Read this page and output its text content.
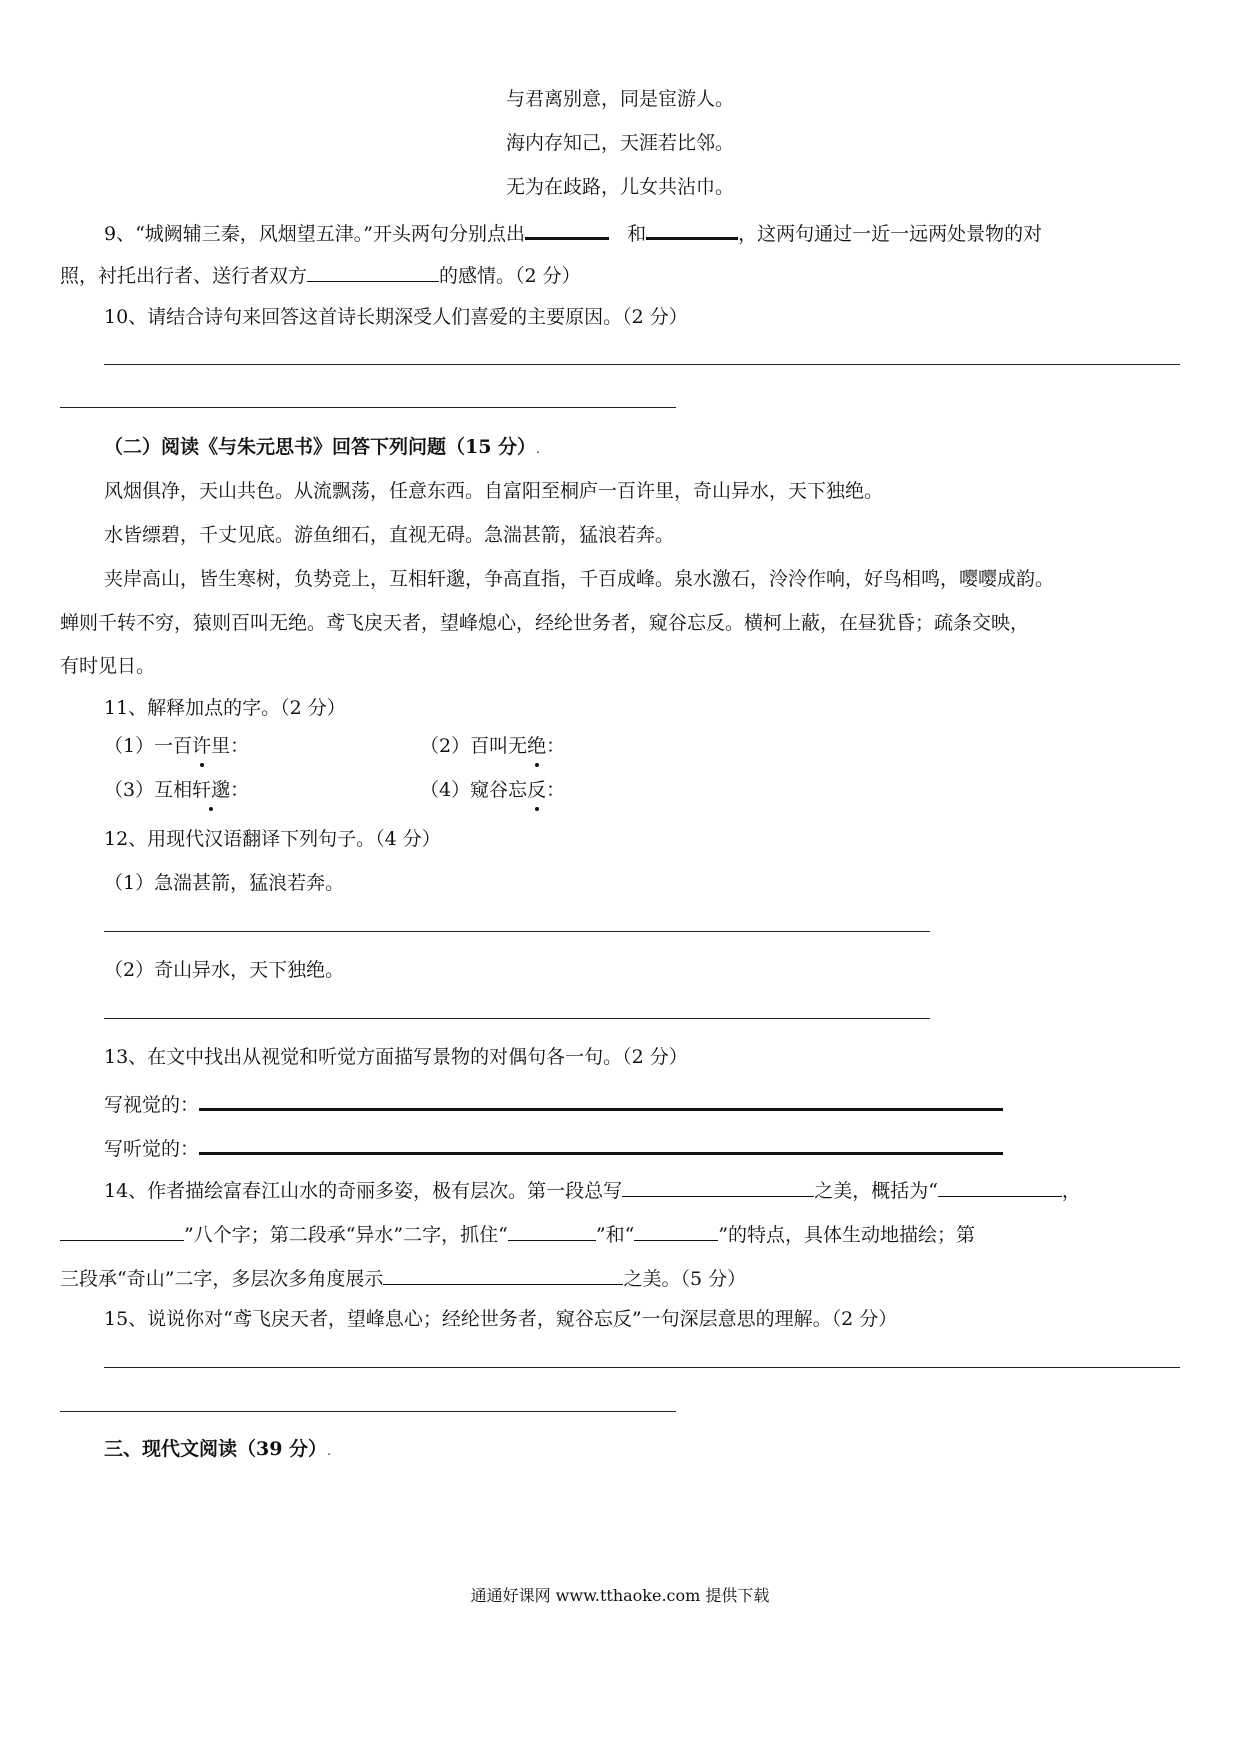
与君离别意，同是宦游人。
海内存知己，天涯若比邻。
无为在歧路，儿女共沾巾。
9、“城阙辅三秦，风烟望五津。”开头两句分别点出	和	，这两句通过一近一远两处景物的对
照，衬托出行者、送行者双方	的感情。（2 分）
10、请结合诗句来回答这首诗长期深受人们喜爱的主要原因。（2 分）
（二）阅读《与朱元思书》回答下列问题（15 分）.
风烟俱净，天山共色。从流飘荡，任意东西。自富阳至桐庐一百许里，奇山异水，天下独绝。
水皆缥碧，千丈见底。游鱼细石，直视无碍。急湍甚箭，猛浪若奔。
夹岸高山，皆生寒树，负势竞上，互相轩邈，争高直指，千百成峰。泉水激石，泠泠作响，好鸟相鸣，嘤嘤成韵。
蝉则千转不穷，猿则百叫无绝。鸢飞戾天者，望峰熄心，经纶世务者，窥谷忘反。横柯上蔽，在昼犹昏；疏条交映，
有时见日。
11、解释加点的字。（2 分）
（1）一百许里：	（2）百叫无绝：
（3）互相轩邈：	（4）窥谷忘反：
12、用现代汉语翻译下列句子。（4 分）
（1）急湍甚箭，猛浪若奔。
（2）奇山异水，天下独绝。
13、在文中找出从视觉和听觉方面描写景物的对偶句各一句。（2 分）
写视觉的：
写听觉的：
14、作者描绘富春江山水的奇丽多姿，极有层次。第一段总写	之美，概括为“	，
”八个字；第二段承“异水”二字，抓住“	”和“	”的特点，具体生动地描绘；第
三段承“奇山”二字，多层次多角度展示	之美。（5 分）
15、说说你对“鸢飞戾天者，望峰息心；经纶世务者，窥谷忘反”一句深层意思的理解。（2 分）
三、现代文阅读（39 分）.
通通好课网 www.tthaoke.com 提供下载
